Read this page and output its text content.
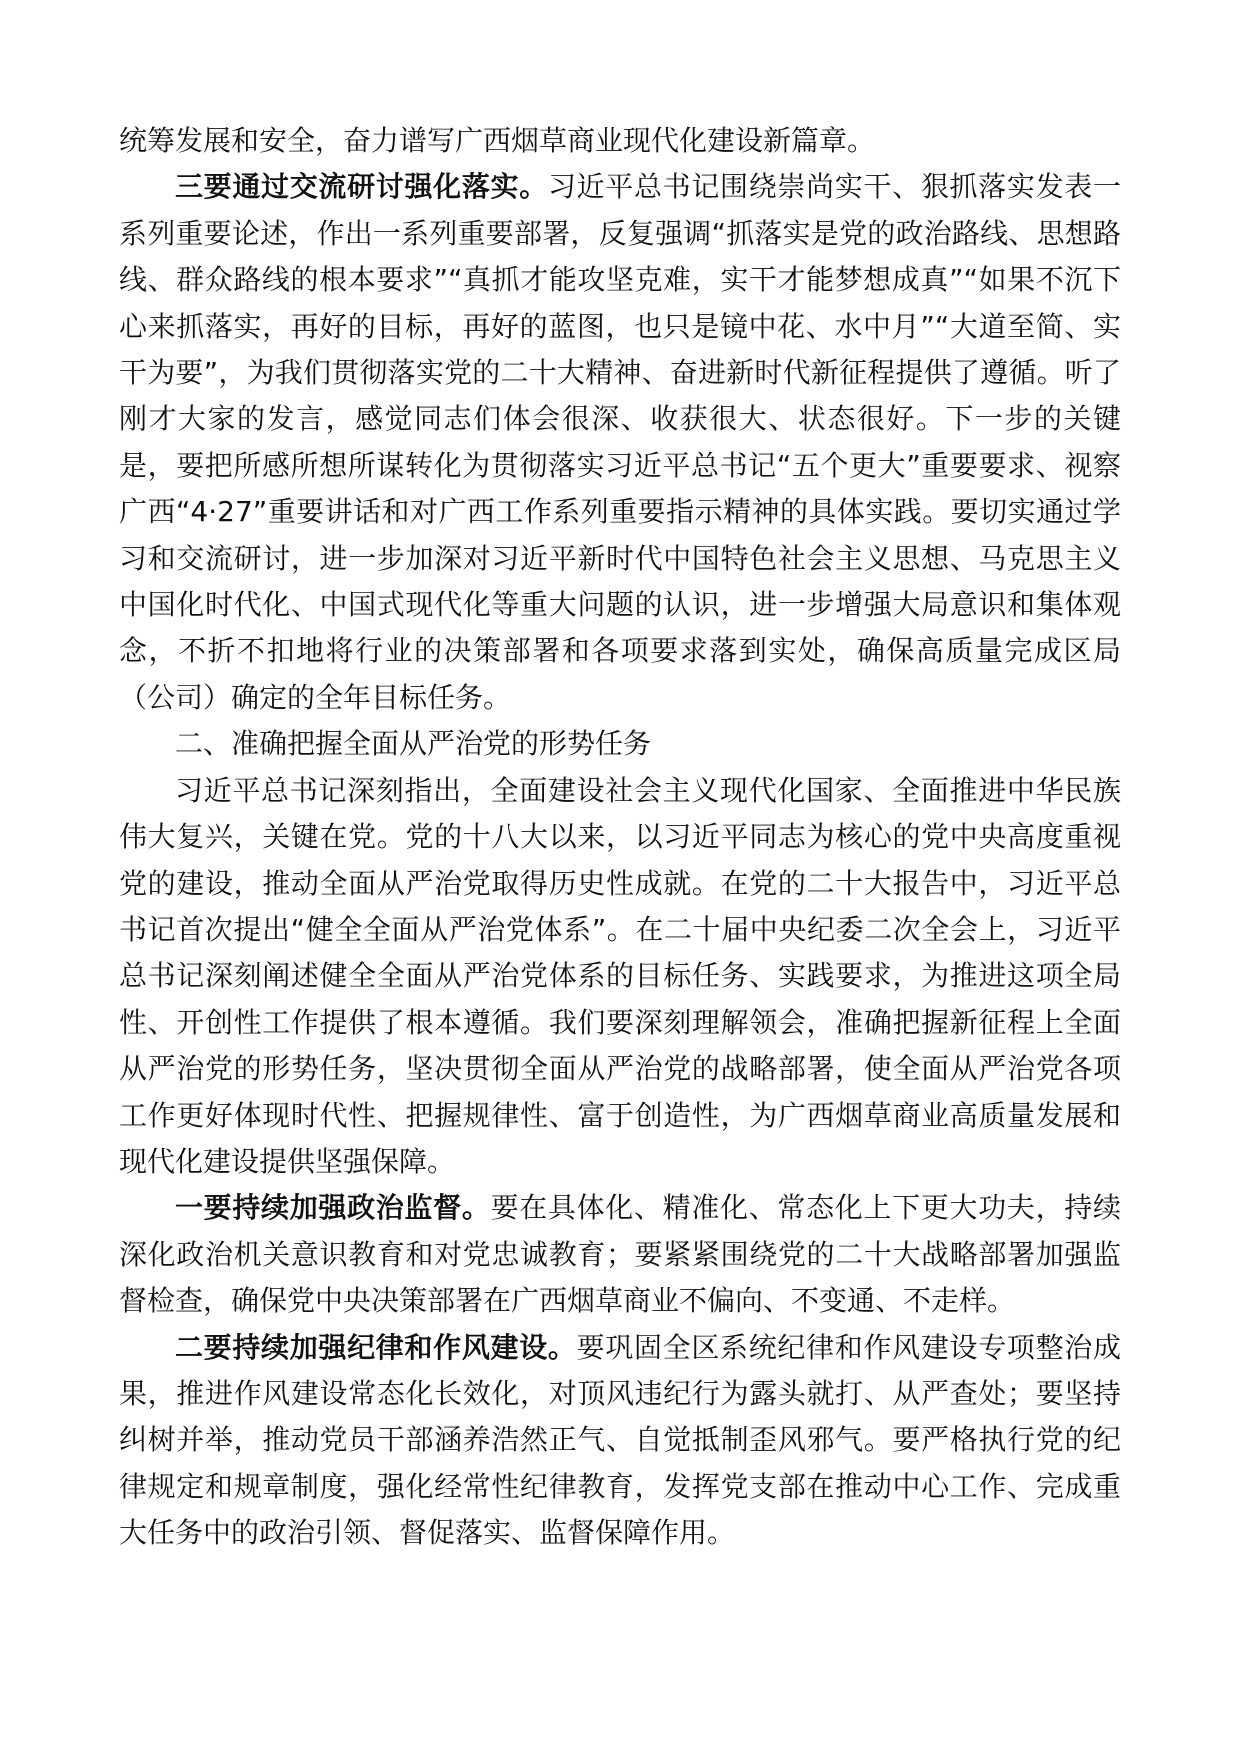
统筹发展和安全，奋力谱写广西烟草商业现代化建设新篇章。

三要通过交流研讨强化落实。习近平总书记围绕崇尚实干、狠抓落实发表一系列重要论述，作出一系列重要部署，反复强调“抓落实是党的政治路线、思想路线、群众路线的根本要求”“真抓才能攻坚克难，实干才能梦想成真”“如果不沉下心来抓落实，再好的目标，再好的蓝图，也只是镜中花、水中月”“大道至简、实干为要”，为我们贯彻落实党的二十大精神、奋进新时代新征程提供了遵循。听了刚才大家的发言，感觉同志们体会很深、收获很大、状态很好。下一步的关键是，要把所感所想所谋转化为贯彻落实习近平总书记“五个更大”重要要求、视察广西“4·27”重要讲话和对广西工作系列重要指示精神的具体实践。要切实通过学习和交流研讨，进一步加深对习近平新时代中国特色社会主义思想、马克思主义中国化时代化、中国式现代化等重大问题的认识，进一步增强大局意识和集体观念，不折不扣地将行业的决策部署和各项要求落到实处，确保高质量完成区局（公司）确定的全年目标任务。

二、准确把握全面从严治党的形势任务

习近平总书记深刻指出，全面建设社会主义现代化国家、全面推进中华民族伟大复兴，关键在党。党的十八大以来，以习近平同志为核心的党中央高度重视党的建设，推动全面从严治党取得历史性成就。在党的二十大报告中，习近平总书记首次提出“健全全面从严治党体系”。在二十届中央纪委二次全会上，习近平总书记深刻阐述健全全面从严治党体系的目标任务、实践要求，为推进这项全局性、开创性工作提供了根本遵循。我们要深刻理解领会，准确把握新征程上全面从严治党的形势任务，坚决贯彻全面从严治党的战略部署，使全面从严治党各项工作更好体现时代性、把握规律性、富于创造性，为广西烟草商业高质量发展和现代化建设提供坚强保障。

一要持续加强政治监督。要在具体化、精准化、常态化上下更大功夫，持续深化政治机关意识教育和对党忠诚教育；要紧紧围绕党的二十大战略部署加强监督检查，确保党中央决策部署在广西烟草商业不偏向、不变通、不走样。

二要持续加强纪律和作风建设。要巩固全区系统纪律和作风建设专项整治成果，推进作风建设常态化长效化，对顶风违纪行为露头就打、从严查处；要坚持纠树并举，推动党员干部涵养浩然正气、自觉抵制歪风邪气。要严格执行党的纪律规定和规章制度，强化经常性纪律教育，发挥党支部在推动中心工作、完成重大任务中的政治引领、督促落实、监督保障作用。
